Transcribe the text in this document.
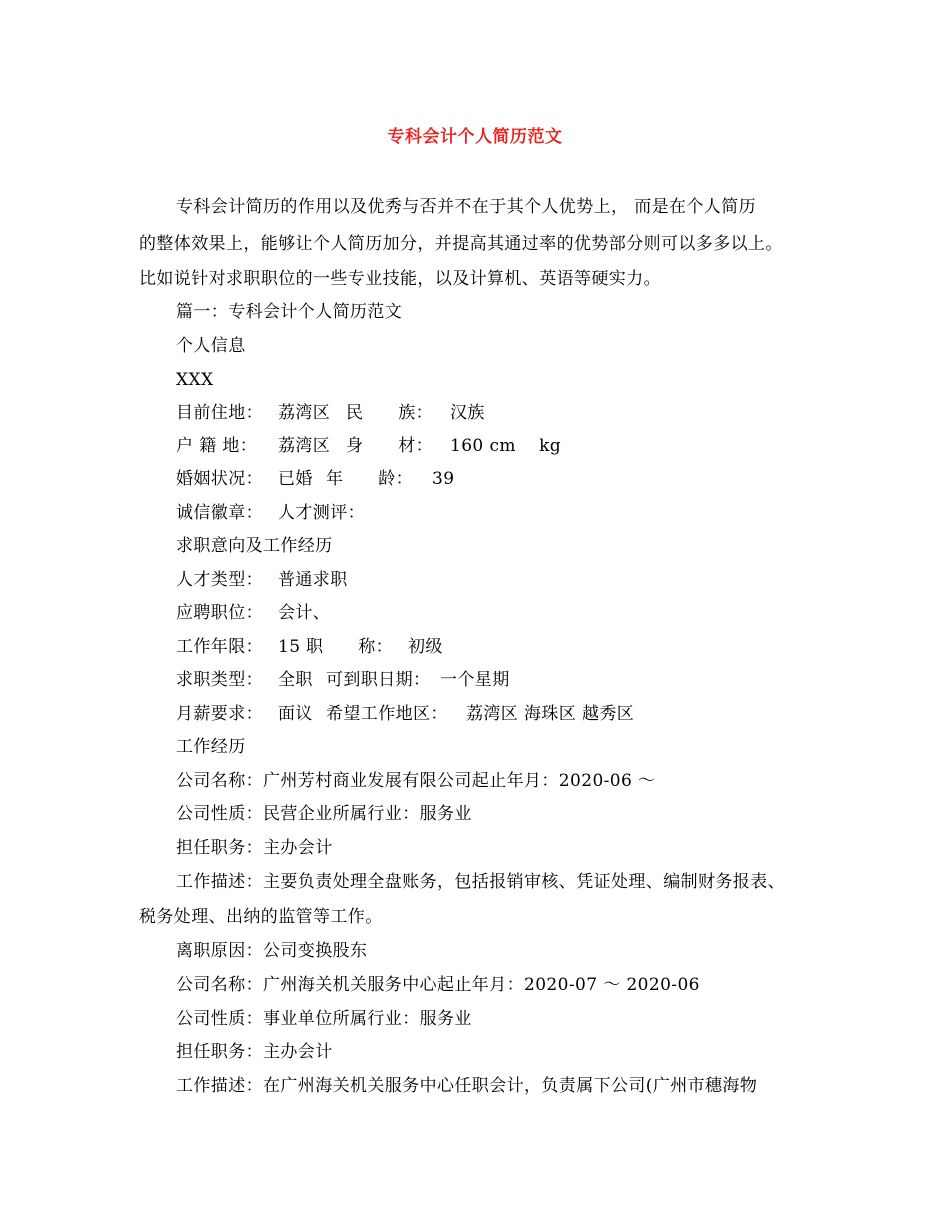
专科会计个人简历范文
专科会计简历的作用以及优秀与否并不在于其个人优势上， 而是在个人简历
的整体效果上，能够让个人简历加分，并提高其通过率的优势部分则可以多多以上。
比如说针对求职职位的一些专业技能，以及计算机、英语等硬实力。
篇一：专科会计个人简历范文
个人信息
XXX
目前住地： 荔湾区 民　　族： 汉族
户 籍 地： 荔湾区 身　　材： 160 cm    kg
婚姻状况： 已婚 年　　龄： 39
诚信徽章： 人才测评：
求职意向及工作经历
人才类型： 普通求职
应聘职位： 会计、
工作年限： 15 职　　称： 初级
求职类型： 全职 可到职日期： 一个星期
月薪要求： 面议 希望工作地区： 荔湾区 海珠区 越秀区
工作经历
公司名称：广州芳村商业发展有限公司起止年月：2020-06 ～
公司性质：民营企业所属行业：服务业
担任职务：主办会计
工作描述：主要负责处理全盘账务，包括报销审核、凭证处理、编制财务报表、
税务处理、出纳的监管等工作。
离职原因：公司变换股东
公司名称：广州海关机关服务中心起止年月：2020-07 ～ 2020-06
公司性质：事业单位所属行业：服务业
担任职务：主办会计
工作描述：在广州海关机关服务中心任职会计，负责属下公司(广州市穗海物
